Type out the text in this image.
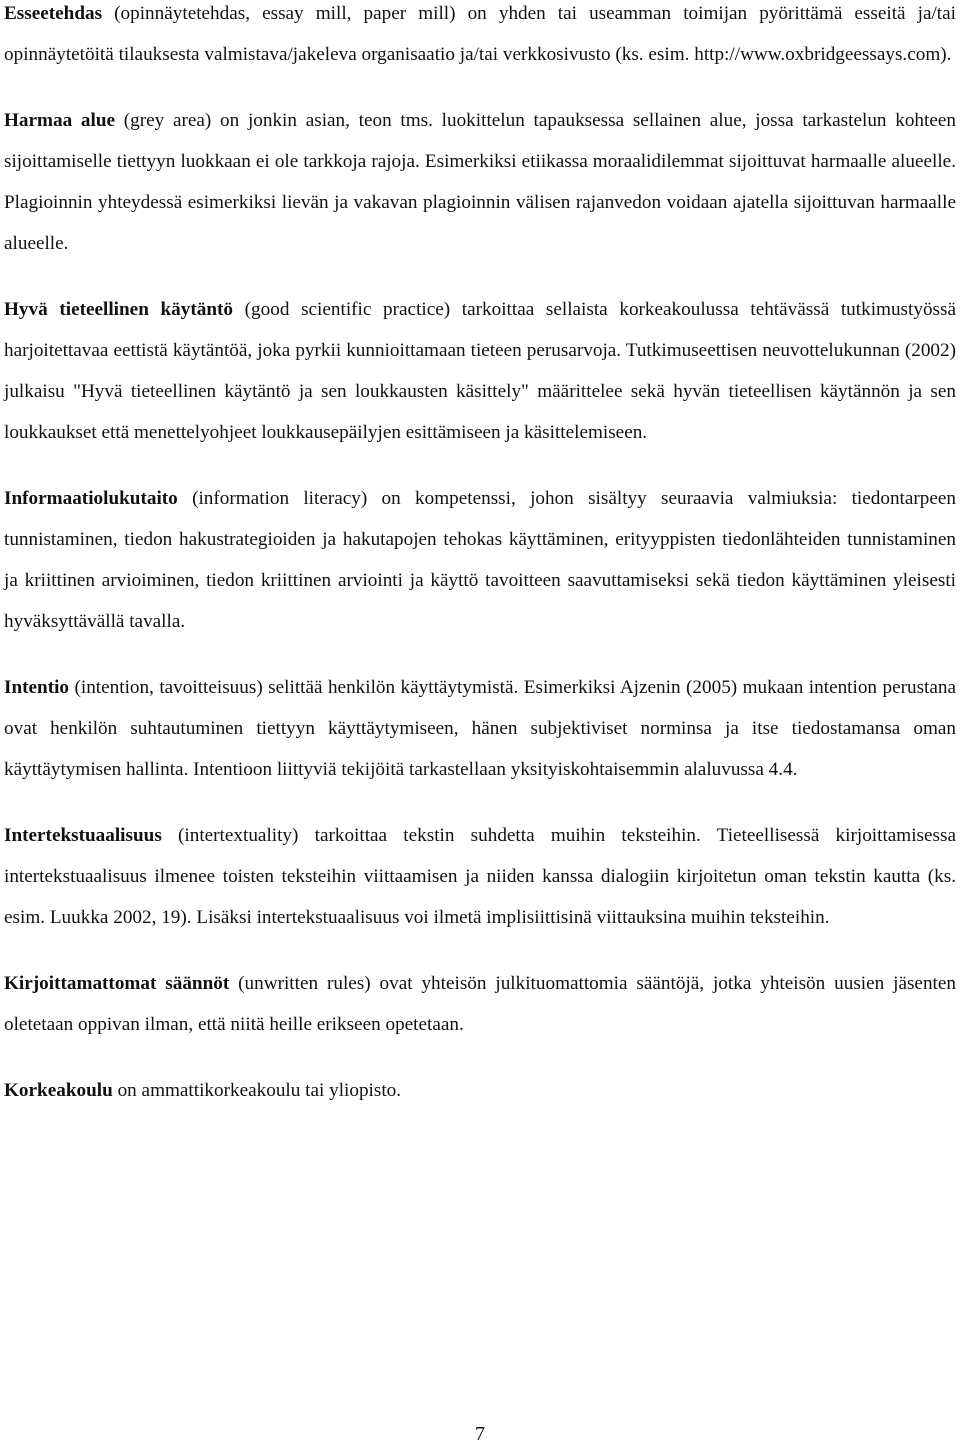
Esseetehdas (opinnäytetehdas, essay mill, paper mill) on yhden tai useamman toimijan pyörittämä esseitä ja/tai opinnäytetöitä tilauksesta valmistava/jakeleva organisaatio ja/tai verkkosivusto (ks. esim. http://www.oxbridgeessays.com).

Harmaa alue (grey area) on jonkin asian, teon tms. luokittelun tapauksessa sellainen alue, jossa tarkastelun kohteen sijoittamiselle tiettyyn luokkaan ei ole tarkkoja rajoja. Esimerkiksi etiikassa moraalidilemmat sijoittuvat harmaalle alueelle. Plagioinnin yhteydessä esimerkiksi lievän ja vakavan plagioinnin välisen rajanvedon voidaan ajatella sijoittuvan harmaalle alueelle.

Hyvä tieteellinen käytäntö (good scientific practice) tarkoittaa sellaista korkeakoulussa tehtävässä tutkimustyössä harjoitettavaa eettistä käytäntöä, joka pyrkii kunnioittamaan tieteen perusarvoja. Tutkimuseettisen neuvottelukunnan (2002) julkaisu "Hyvä tieteellinen käytäntö ja sen loukkausten käsittely" määrittelee sekä hyvän tieteellisen käytännön ja sen loukkaukset että menettelyohjeet loukkausepäilyjen esittämiseen ja käsittelemiseen.

Informaatiolukutaito (information literacy) on kompetenssi, johon sisältyy seuraavia valmiuksia: tiedontarpeen tunnistaminen, tiedon hakustrategioiden ja hakutapojen tehokas käyttäminen, erityyppisten tiedonlähteiden tunnistaminen ja kriittinen arvioiminen, tiedon kriittinen arviointi ja käyttö tavoitteen saavuttamiseksi sekä tiedon käyttäminen yleisesti hyväksyttävällä tavalla.

Intentio (intention, tavoitteisuus) selittää henkilön käyttäytymistä. Esimerkiksi Ajzenin (2005) mukaan intention perustana ovat henkilön suhtautuminen tiettyyn käyttäytymiseen, hänen subjektiviset norminsa ja itse tiedostamansa oman käyttäytymisen hallinta. Intentioon liittyviä tekijöitä tarkastellaan yksityiskohtaisemmin alaluvussa 4.4.

Intertekstuaalisuus (intertextuality) tarkoittaa tekstin suhdetta muihin teksteihin. Tieteellisessä kirjoittamisessa intertekstuaalisuus ilmenee toisten teksteihin viittaamisen ja niiden kanssa dialogiin kirjoitetun oman tekstin kautta (ks. esim. Luukka 2002, 19). Lisäksi intertekstuaalisuus voi ilmetä implisiittisinä viittauksina muihin teksteihin.

Kirjoittamattomat säännöt (unwritten rules) ovat yhteisön julkituomattomia sääntöjä, jotka yhteisön uusien jäsenten oletetaan oppivan ilman, että niitä heille erikseen opetetaan.

Korkeakoulu on ammattikorkeakoulu tai yliopisto.

7
